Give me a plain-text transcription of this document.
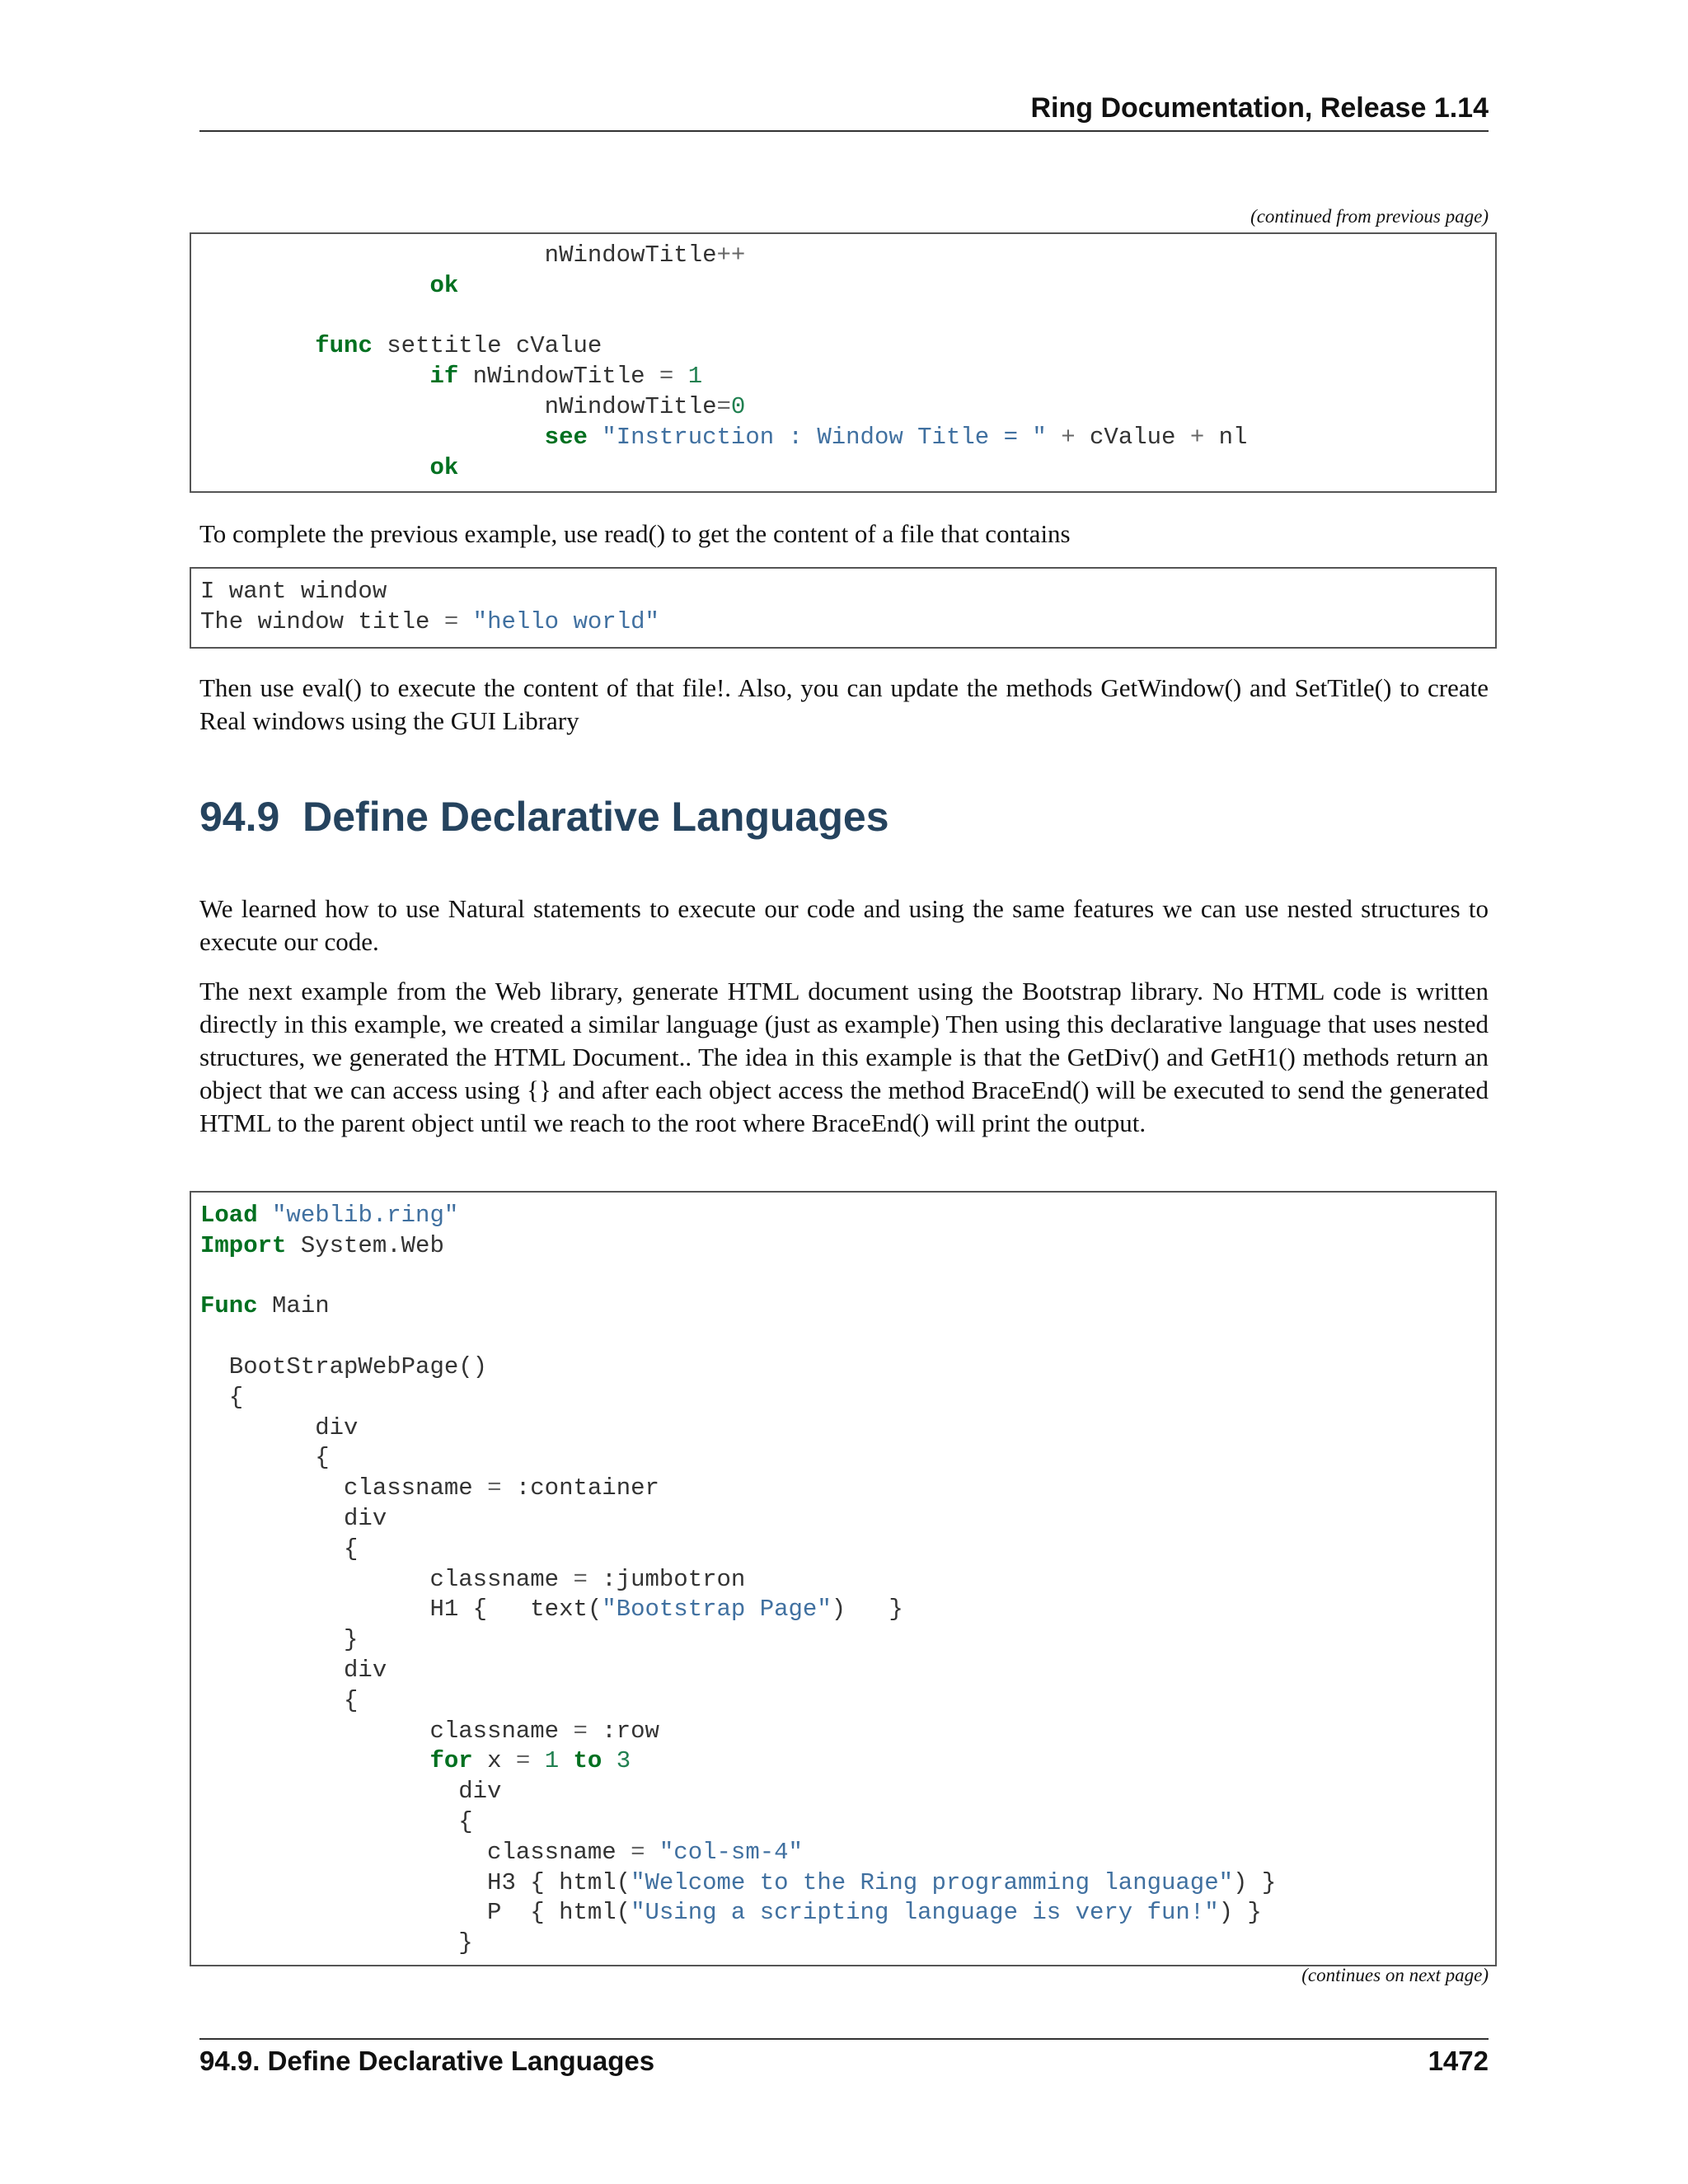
Ring Documentation, Release 1.14
(continued from previous page)
nWindowTitle++
ok

func settitle cValue
if nWindowTitle = 1
nWindowTitle=0
see "Instruction : Window Title = " + cValue + nl
ok

To complete the previous example, use read() to get the content of a file that contains

I want window
The window title = "hello world"

Then use eval() to execute the content of that file!. Also, you can update the methods GetWindow() and SetTitle() to create Real windows using the GUI Library

94.9 Define Declarative Languages

We learned how to use Natural statements to execute our code and using the same features we can use nested structures to execute our code.

The next example from the Web library, generate HTML document using the Bootstrap library. No HTML code is written directly in this example, we created a similar language (just as example) Then using this declarative language that uses nested structures, we generated the HTML Document.. The idea in this example is that the GetDiv() and GetH1() methods return an object that we can access using {} and after each object access the method BraceEnd() will be executed to send the generated HTML to the parent object until we reach to the root where BraceEnd() will print the output.

Load "weblib.ring"
Import System.Web

Func Main

BootStrapWebPage()
{
div
{
classname = :container
div
{
classname = :jumbotron
H1 {   text("Bootstrap Page")   }
}
div
{
classname = :row
for x = 1 to 3
div
{
classname = "col-sm-4"
H3 { html("Welcome to the Ring programming language") }
P  { html("Using a scripting language is very fun!") }
}
(continues on next page)
94.9. Define Declarative Languages	1472
